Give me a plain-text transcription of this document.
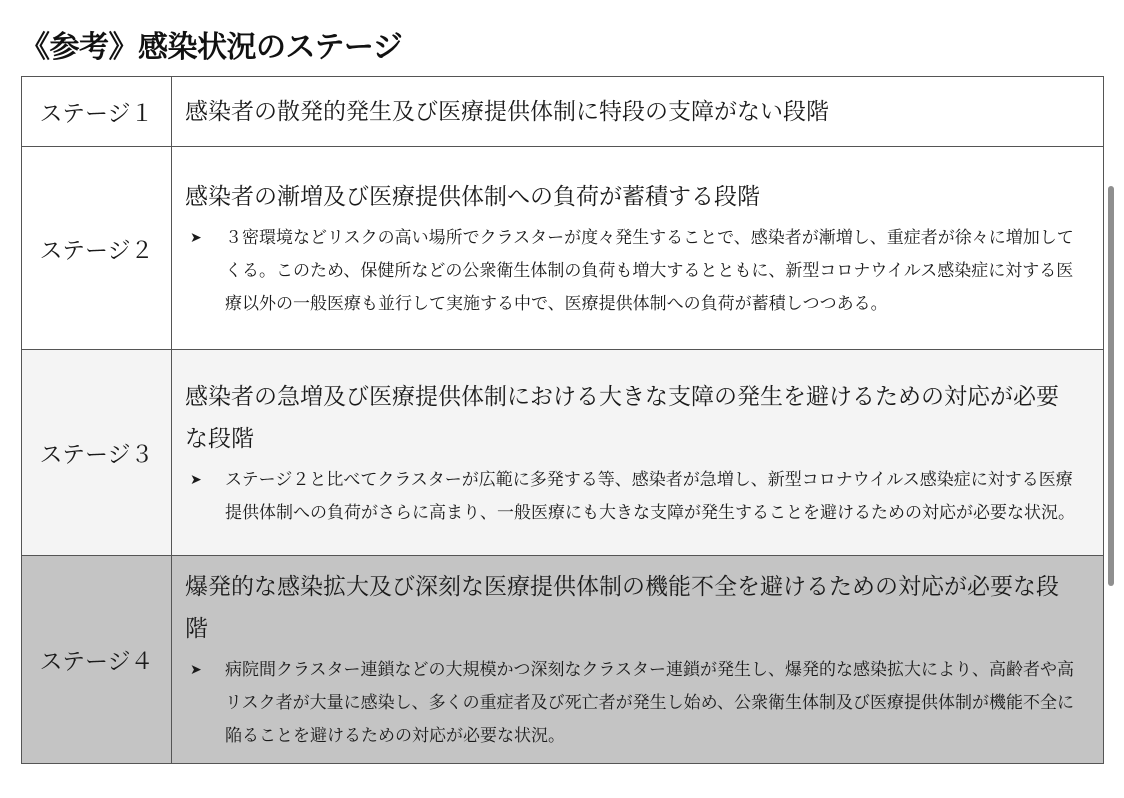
《参考》感染状況のステージ
ステージ１	感染者の散発的発生及び医療提供体制に特段の支障がない段階

ステージ２	感染者の漸増及び医療提供体制への負荷が蓄積する段階
➤ ３密環境などリスクの高い場所でクラスターが度々発生することで、感染者が漸増し、重症者が徐々に増加してくる。このため、保健所などの公衆衛生体制の負荷も増大するとともに、新型コロナウイルス感染症に対する医療以外の一般医療も並行して実施する中で、医療提供体制への負荷が蓄積しつつある。

ステージ３	感染者の急増及び医療提供体制における大きな支障の発生を避けるための対応が必要な段階
➤ ステージ２と比べてクラスターが広範に多発する等、感染者が急増し、新型コロナウイルス感染症に対する医療提供体制への負荷がさらに高まり、一般医療にも大きな支障が発生することを避けるための対応が必要な状況。

ステージ４	爆発的な感染拡大及び深刻な医療提供体制の機能不全を避けるための対応が必要な段階
➤ 病院間クラスター連鎖などの大規模かつ深刻なクラスター連鎖が発生し、爆発的な感染拡大により、高齢者や高リスク者が大量に感染し、多くの重症者及び死亡者が発生し始め、公衆衛生体制及び医療提供体制が機能不全に陥ることを避けるための対応が必要な状況。
